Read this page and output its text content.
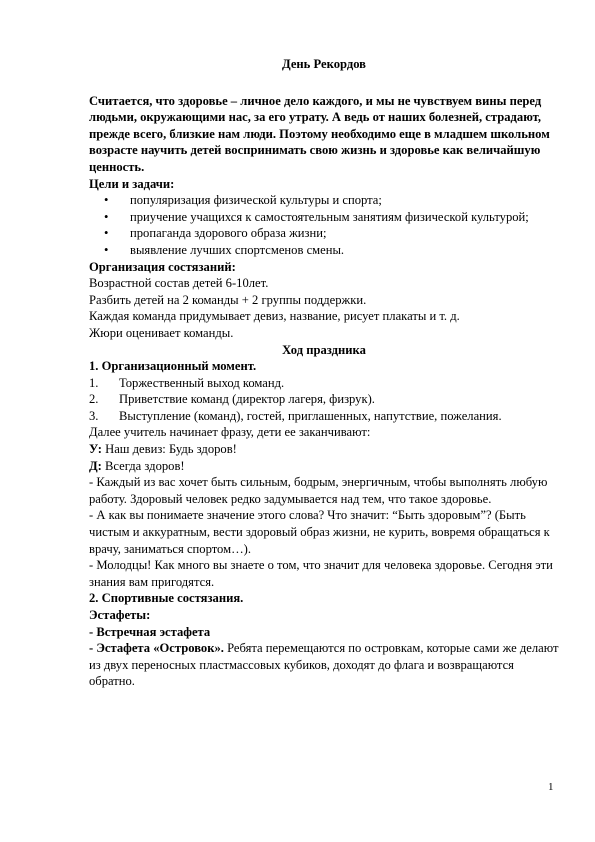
День Рекордов

Считается, что здоровье – личное дело каждого, и мы не чувствуем вины перед людьми, окружающими нас, за его утрату. А ведь от наших болезней, страдают, прежде всего, близкие нам люди. Поэтому необходимо еще в младшем школьном возрасте научить детей воспринимать свою жизнь и здоровье как величайшую ценность.

Цели и задачи:

• популяризация физической культуры и спорта;
• приучение учащихся к самостоятельным занятиям физической культурой;
• пропаганда здорового образа жизни;
• выявление лучших спортсменов смены.

Организация состязаний:

Возрастной состав детей 6-10лет.

Разбить детей на 2 команды + 2 группы поддержки.

Каждая команда придумывает девиз, название, рисует плакаты и т. д.

Жюри оценивает команды.

Ход праздника

1. Организационный момент.

1. Торжественный выход команд.
2. Приветствие команд (директор лагеря, физрук).
3. Выступление (команд), гостей, приглашенных, напутствие, пожелания.

Далее учитель начинает фразу, дети ее заканчивают:

У: Наш девиз: Будь здоров!

Д: Всегда здоров!

- Каждый из вас хочет быть сильным, бодрым, энергичным, чтобы выполнять любую работу. Здоровый человек редко задумывается над тем, что такое здоровье.

- А как вы понимаете значение этого слова? Что значит: “Быть здоровым”? (Быть чистым и аккуратным, вести здоровый образ жизни, не курить, вовремя обращаться к врачу, заниматься спортом…).

- Молодцы! Как много вы знаете о том, что значит для человека здоровье. Сегодня эти знания вам пригодятся.

2. Спортивные состязания.

Эстафеты:

- Встречная эстафета

- Эстафета «Островок». Ребята перемещаются по островкам, которые сами же делают из двух переносных пластмассовых кубиков, доходят до флага и возвращаются обратно.

1
